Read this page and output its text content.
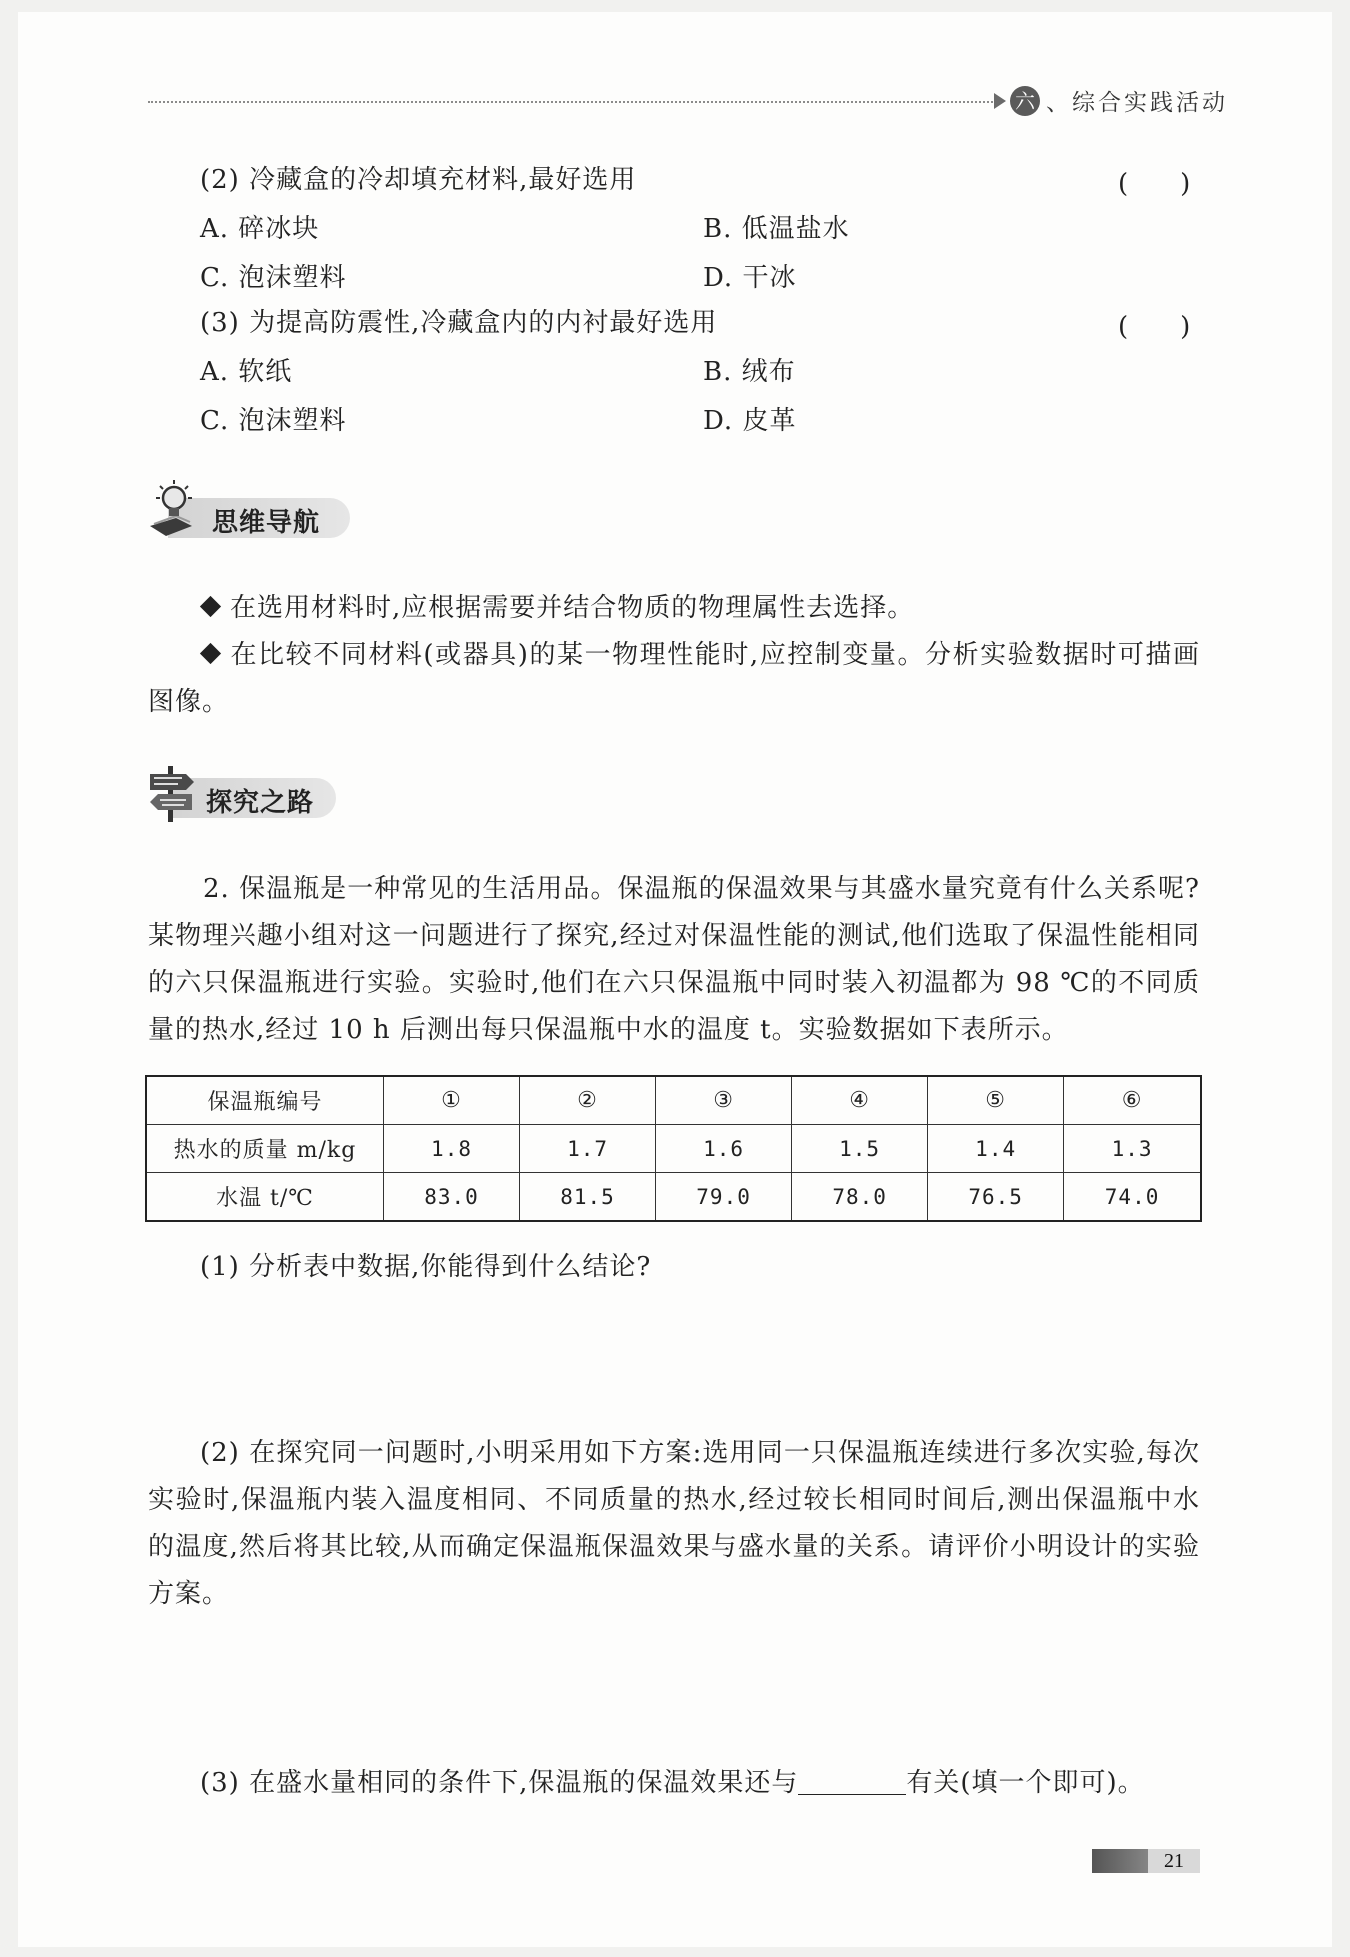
六 、综合实践活动
(2) 冷藏盒的冷却填充材料,最好选用	(　　)
A. 碎冰块	B. 低温盐水
C. 泡沫塑料	D. 干冰
(3) 为提高防震性,冷藏盒内的内衬最好选用	(　　)
A. 软纸	B. 绒布
C. 泡沫塑料	D. 皮革
思维导航
在选用材料时,应根据需要并结合物质的物理属性去选择。
在比较不同材料(或器具)的某一物理性能时,应控制变量。分析实验数据时可描画图像。
探究之路
2. 保温瓶是一种常见的生活用品。保温瓶的保温效果与其盛水量究竟有什么关系呢?某物理兴趣小组对这一问题进行了探究,经过对保温性能的测试,他们选取了保温性能相同的六只保温瓶进行实验。实验时,他们在六只保温瓶中同时装入初温都为 98 ℃的不同质量的热水,经过 10 h 后测出每只保温瓶中水的温度 t。实验数据如下表所示。
保温瓶编号	①	②	③	④	⑤	⑥
热水的质量 m/kg	1.8	1.7	1.6	1.5	1.4	1.3
水温 t/℃	83.0	81.5	79.0	78.0	76.5	74.0
(1) 分析表中数据,你能得到什么结论?
(2) 在探究同一问题时,小明采用如下方案:选用同一只保温瓶连续进行多次实验,每次实验时,保温瓶内装入温度相同、不同质量的热水,经过较长相同时间后,测出保温瓶中水的温度,然后将其比较,从而确定保温瓶保温效果与盛水量的关系。请评价小明设计的实验方案。
(3) 在盛水量相同的条件下,保温瓶的保温效果还与	有关(填一个即可)。
21
